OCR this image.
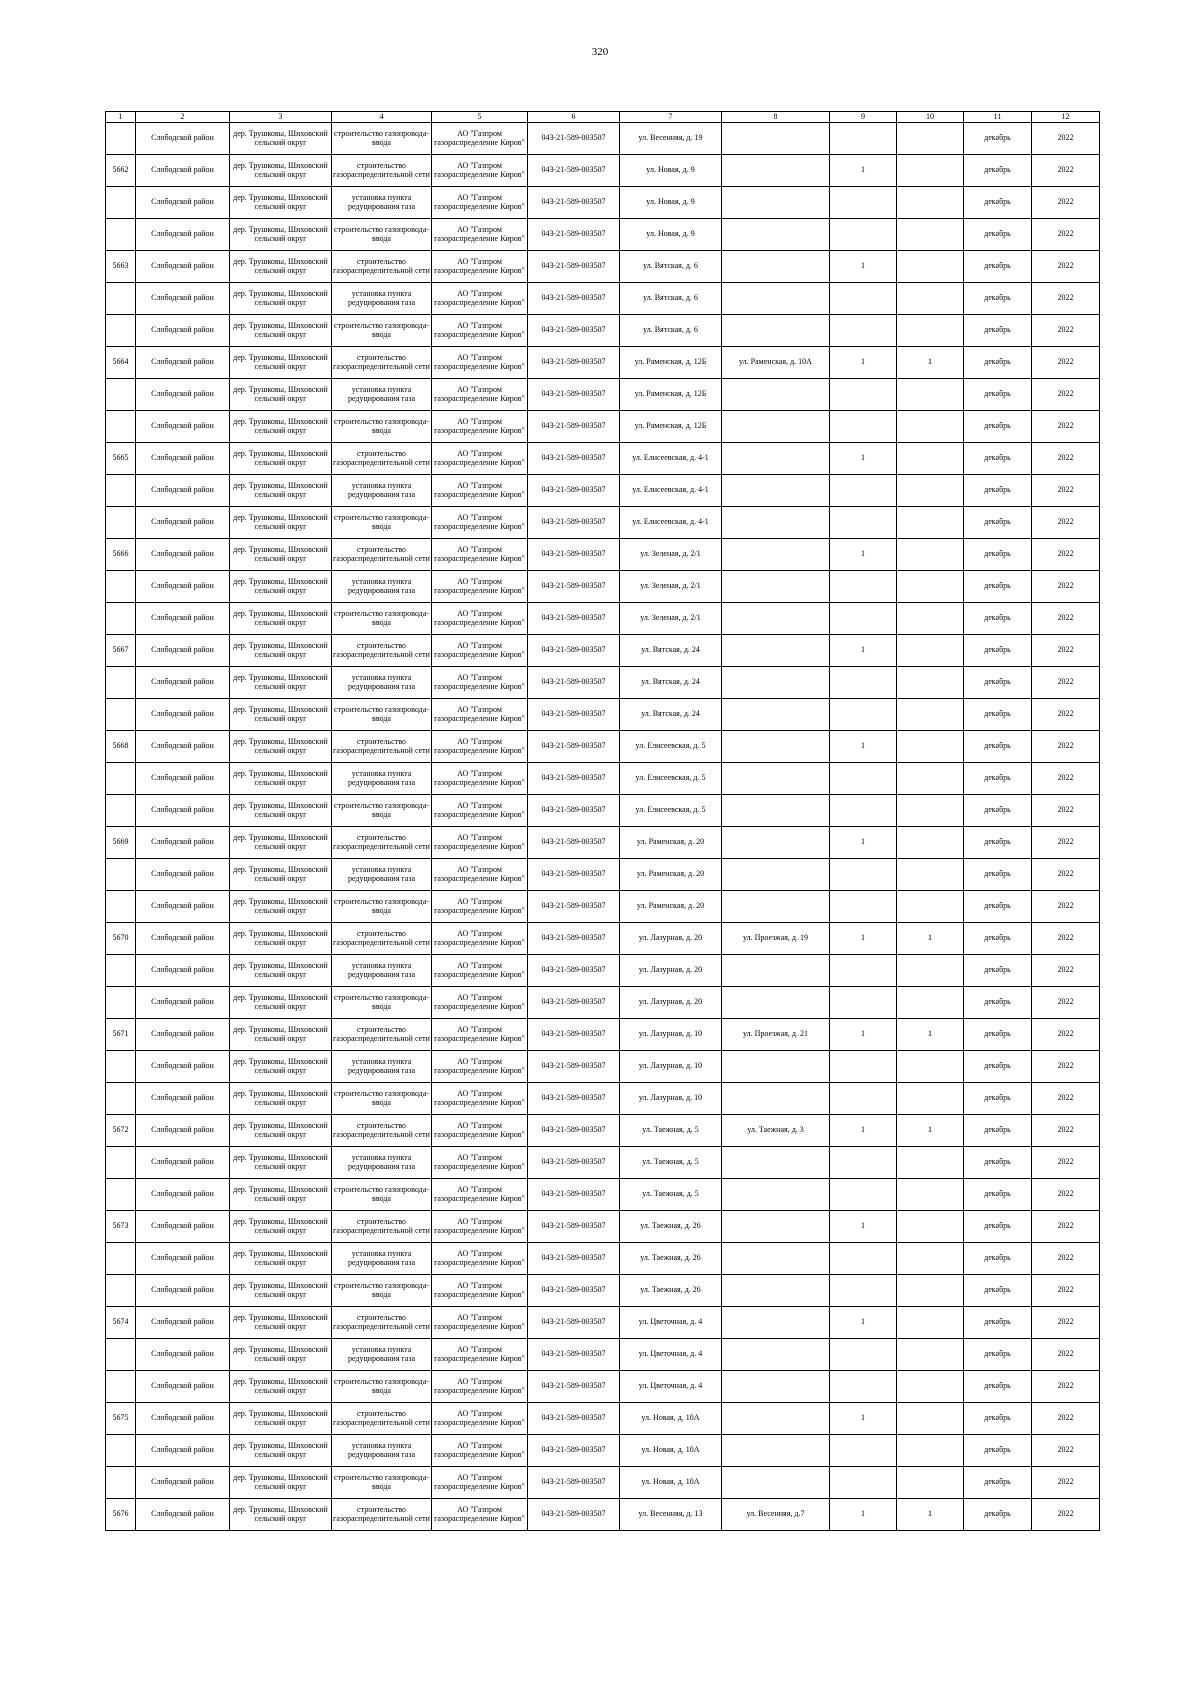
320
1	2	3	4	5	6	7	8	9	10	11	12

	Слободской район	дер. Трушковы, Шиховский сельский округ	строительство газопровода-ввода	АО "Газпром газораспределение Киров"	043-21-589-003507	ул. Весенняя, д. 19				декабрь	2022

5662	Слободской район	дер. Трушковы, Шиховский сельский округ	строительство газораспределительной сети	АО "Газпром газораспределение Киров"	043-21-589-003507	ул. Новая, д. 9		1		декабрь	2022

	Слободской район	дер. Трушковы, Шиховский сельский округ	установка пункта редуцирования газа	АО "Газпром газораспределение Киров"	043-21-589-003507	ул. Новая, д. 9				декабрь	2022

	Слободской район	дер. Трушковы, Шиховский сельский округ	строительство газопровода-ввода	АО "Газпром газораспределение Киров"	043-21-589-003507	ул. Новая, д. 9				декабрь	2022

5663	Слободской район	дер. Трушковы, Шиховский сельский округ	строительство газораспределительной сети	АО "Газпром газораспределение Киров"	043-21-589-003507	ул. Вятская, д. 6		1		декабрь	2022

	Слободской район	дер. Трушковы, Шиховский сельский округ	установка пункта редуцирования газа	АО "Газпром газораспределение Киров"	043-21-589-003507	ул. Вятская, д. 6				декабрь	2022

	Слободской район	дер. Трушковы, Шиховский сельский округ	строительство газопровода-ввода	АО "Газпром газораспределение Киров"	043-21-589-003507	ул. Вятская, д. 6				декабрь	2022

5664	Слободской район	дер. Трушковы, Шиховский сельский округ	строительство газораспределительной сети	АО "Газпром газораспределение Киров"	043-21-589-003507	ул. Раменская, д. 12Б	ул. Раменская, д. 10А	1	1	декабрь	2022

	Слободской район	дер. Трушковы, Шиховский сельский округ	установка пункта редуцирования газа	АО "Газпром газораспределение Киров"	043-21-589-003507	ул. Раменская, д. 12Б				декабрь	2022

	Слободской район	дер. Трушковы, Шиховский сельский округ	строительство газопровода-ввода	АО "Газпром газораспределение Киров"	043-21-589-003507	ул. Раменская, д. 12Б				декабрь	2022

5665	Слободской район	дер. Трушковы, Шиховский сельский округ	строительство газораспределительной сети	АО "Газпром газораспределение Киров"	043-21-589-003507	ул. Елисеевская, д. 4-1		1		декабрь	2022

	Слободской район	дер. Трушковы, Шиховский сельский округ	установка пункта редуцирования газа	АО "Газпром газораспределение Киров"	043-21-589-003507	ул. Елисеевская, д. 4-1				декабрь	2022

	Слободской район	дер. Трушковы, Шиховский сельский округ	строительство газопровода-ввода	АО "Газпром газораспределение Киров"	043-21-589-003507	ул. Елисеевская, д. 4-1				декабрь	2022

5666	Слободской район	дер. Трушковы, Шиховский сельский округ	строительство газораспределительной сети	АО "Газпром газораспределение Киров"	043-21-589-003507	ул. Зеленая, д. 2/1		1		декабрь	2022

	Слободской район	дер. Трушковы, Шиховский сельский округ	установка пункта редуцирования газа	АО "Газпром газораспределение Киров"	043-21-589-003507	ул. Зеленая, д. 2/1				декабрь	2022

	Слободской район	дер. Трушковы, Шиховский сельский округ	строительство газопровода-ввода	АО "Газпром газораспределение Киров"	043-21-589-003507	ул. Зеленая, д. 2/1				декабрь	2022

5667	Слободской район	дер. Трушковы, Шиховский сельский округ	строительство газораспределительной сети	АО "Газпром газораспределение Киров"	043-21-589-003507	ул. Вятская, д. 24		1		декабрь	2022

	Слободской район	дер. Трушковы, Шиховский сельский округ	установка пункта редуцирования газа	АО "Газпром газораспределение Киров"	043-21-589-003507	ул. Вятская, д. 24				декабрь	2022

	Слободской район	дер. Трушковы, Шиховский сельский округ	строительство газопровода-ввода	АО "Газпром газораспределение Киров"	043-21-589-003507	ул. Вятская, д. 24				декабрь	2022

5668	Слободской район	дер. Трушковы, Шиховский сельский округ	строительство газораспределительной сети	АО "Газпром газораспределение Киров"	043-21-589-003507	ул. Елисеевская, д. 5		1		декабрь	2022

	Слободской район	дер. Трушковы, Шиховский сельский округ	установка пункта редуцирования газа	АО "Газпром газораспределение Киров"	043-21-589-003507	ул. Елисеевская, д. 5				декабрь	2022

	Слободской район	дер. Трушковы, Шиховский сельский округ	строительство газопровода-ввода	АО "Газпром газораспределение Киров"	043-21-589-003507	ул. Елисеевская, д. 5				декабрь	2022

5669	Слободской район	дер. Трушковы, Шиховский сельский округ	строительство газораспределительной сети	АО "Газпром газораспределение Киров"	043-21-589-003507	ул. Раменская, д. 20		1		декабрь	2022

	Слободской район	дер. Трушковы, Шиховский сельский округ	установка пункта редуцирования газа	АО "Газпром газораспределение Киров"	043-21-589-003507	ул. Раменская, д. 20				декабрь	2022

	Слободской район	дер. Трушковы, Шиховский сельский округ	строительство газопровода-ввода	АО "Газпром газораспределение Киров"	043-21-589-003507	ул. Раменская, д. 20				декабрь	2022

5670	Слободской район	дер. Трушковы, Шиховский сельский округ	строительство газораспределительной сети	АО "Газпром газораспределение Киров"	043-21-589-003507	ул. Лазурная, д. 20	ул. Проезжая, д. 19	1	1	декабрь	2022

	Слободской район	дер. Трушковы, Шиховский сельский округ	установка пункта редуцирования газа	АО "Газпром газораспределение Киров"	043-21-589-003507	ул. Лазурная, д. 20				декабрь	2022

	Слободской район	дер. Трушковы, Шиховский сельский округ	строительство газопровода-ввода	АО "Газпром газораспределение Киров"	043-21-589-003507	ул. Лазурная, д. 20				декабрь	2022

5671	Слободской район	дер. Трушковы, Шиховский сельский округ	строительство газораспределительной сети	АО "Газпром газораспределение Киров"	043-21-589-003507	ул. Лазурная, д. 10	ул. Проезжая, д. 21	1	1	декабрь	2022

	Слободской район	дер. Трушковы, Шиховский сельский округ	установка пункта редуцирования газа	АО "Газпром газораспределение Киров"	043-21-589-003507	ул. Лазурная, д. 10				декабрь	2022

	Слободской район	дер. Трушковы, Шиховский сельский округ	строительство газопровода-ввода	АО "Газпром газораспределение Киров"	043-21-589-003507	ул. Лазурная, д. 10				декабрь	2022

5672	Слободской район	дер. Трушковы, Шиховский сельский округ	строительство газораспределительной сети	АО "Газпром газораспределение Киров"	043-21-589-003507	ул. Таежная, д. 5	ул. Таежная, д. 3	1	1	декабрь	2022

	Слободской район	дер. Трушковы, Шиховский сельский округ	установка пункта редуцирования газа	АО "Газпром газораспределение Киров"	043-21-589-003507	ул. Таежная, д. 5				декабрь	2022

	Слободской район	дер. Трушковы, Шиховский сельский округ	строительство газопровода-ввода	АО "Газпром газораспределение Киров"	043-21-589-003507	ул. Таежная, д. 5				декабрь	2022

5673	Слободской район	дер. Трушковы, Шиховский сельский округ	строительство газораспределительной сети	АО "Газпром газораспределение Киров"	043-21-589-003507	ул. Таежная, д. 26		1		декабрь	2022

	Слободской район	дер. Трушковы, Шиховский сельский округ	установка пункта редуцирования газа	АО "Газпром газораспределение Киров"	043-21-589-003507	ул. Таежная, д. 26				декабрь	2022

	Слободской район	дер. Трушковы, Шиховский сельский округ	строительство газопровода-ввода	АО "Газпром газораспределение Киров"	043-21-589-003507	ул. Таежная, д. 26				декабрь	2022

5674	Слободской район	дер. Трушковы, Шиховский сельский округ	строительство газораспределительной сети	АО "Газпром газораспределение Киров"	043-21-589-003507	ул. Цветочная, д. 4		1		декабрь	2022

	Слободской район	дер. Трушковы, Шиховский сельский округ	установка пункта редуцирования газа	АО "Газпром газораспределение Киров"	043-21-589-003507	ул. Цветочная, д. 4				декабрь	2022

	Слободской район	дер. Трушковы, Шиховский сельский округ	строительство газопровода-ввода	АО "Газпром газораспределение Киров"	043-21-589-003507	ул. Цветочная, д. 4				декабрь	2022

5675	Слободской район	дер. Трушковы, Шиховский сельский округ	строительство газораспределительной сети	АО "Газпром газораспределение Киров"	043-21-589-003507	ул. Новая, д. 10А		1		декабрь	2022

	Слободской район	дер. Трушковы, Шиховский сельский округ	установка пункта редуцирования газа	АО "Газпром газораспределение Киров"	043-21-589-003507	ул. Новая, д. 10А				декабрь	2022

	Слободской район	дер. Трушковы, Шиховский сельский округ	строительство газопровода-ввода	АО "Газпром газораспределение Киров"	043-21-589-003507	ул. Новая, д. 10А				декабрь	2022

5676	Слободской район	дер. Трушковы, Шиховский сельский округ	строительство газораспределительной сети	АО "Газпром газораспределение Киров"	043-21-589-003507	ул. Весенняя, д. 13	ул. Весенняя, д.7	1	1	декабрь	2022
